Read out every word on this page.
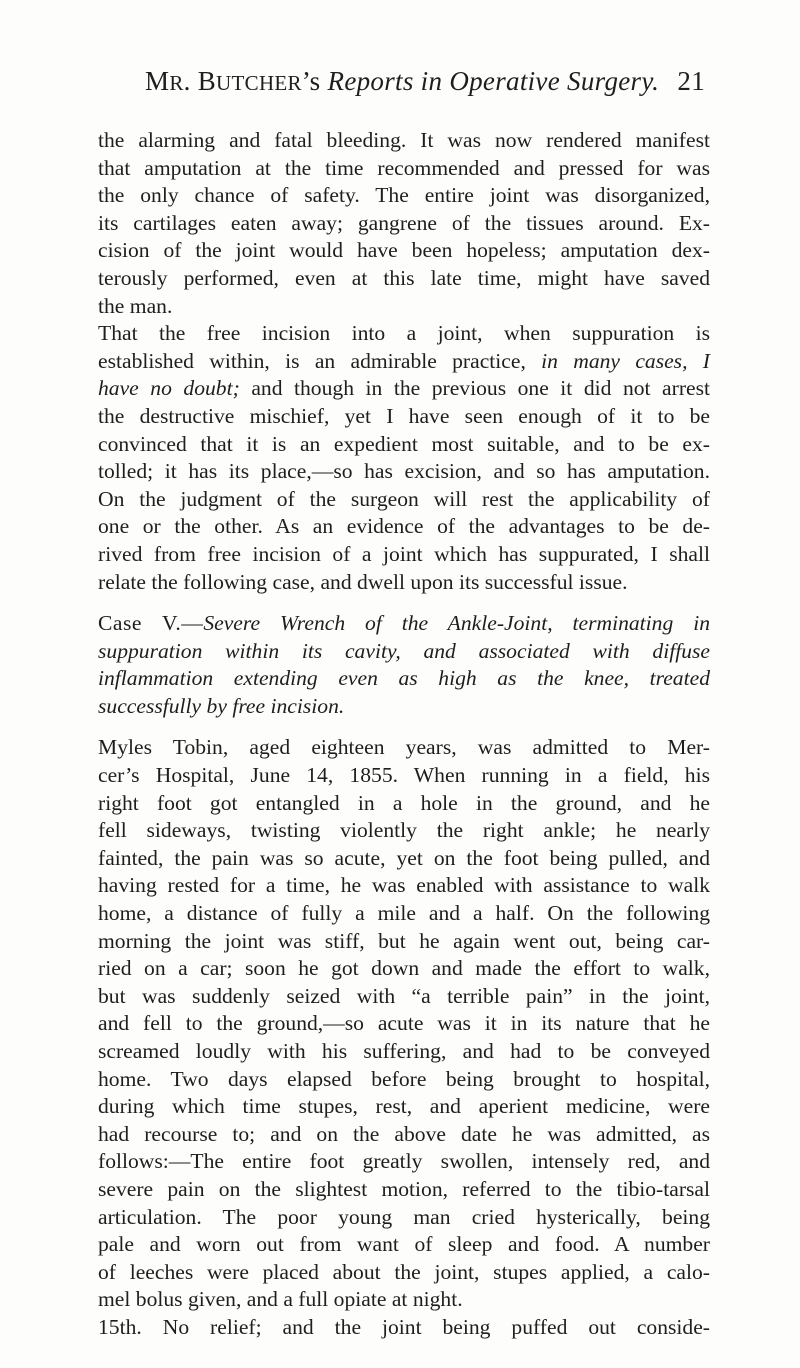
MR. BUTCHER’s Reports in Operative Surgery. 21

the alarming and fatal bleeding. It was now rendered manifest
that amputation at the time recommended and pressed for was
the only chance of safety. The entire joint was disorganized,
its cartilages eaten away; gangrene of the tissues around. Ex-
cision of the joint would have been hopeless; amputation dex-
terously performed, even at this late time, might have saved
the man.

That the free incision into a joint, when suppuration is
established within, is an admirable practice, in many cases, I
have no doubt; and though in the previous one it did not arrest
the destructive mischief, yet I have seen enough of it to be
convinced that it is an expedient most suitable, and to be ex-
tolled; it has its place,—so has excision, and so has amputation.
On the judgment of the surgeon will rest the applicability of
one or the other. As an evidence of the advantages to be de-
rived from free incision of a joint which has suppurated, I shall
relate the following case, and dwell upon its successful issue.

Case V.—Severe Wrench of the Ankle-Joint, terminating in
suppuration within its cavity, and associated with diffuse
inflammation extending even as high as the knee, treated
successfully by free incision.

Myles Tobin, aged eighteen years, was admitted to Mer-
cer’s Hospital, June 14, 1855. When running in a field, his
right foot got entangled in a hole in the ground, and he
fell sideways, twisting violently the right ankle; he nearly
fainted, the pain was so acute, yet on the foot being pulled, and
having rested for a time, he was enabled with assistance to walk
home, a distance of fully a mile and a half. On the following
morning the joint was stiff, but he again went out, being car-
ried on a car; soon he got down and made the effort to walk,
but was suddenly seized with “a terrible pain” in the joint,
and fell to the ground,—so acute was it in its nature that he
screamed loudly with his suffering, and had to be conveyed
home. Two days elapsed before being brought to hospital,
during which time stupes, rest, and aperient medicine, were
had recourse to; and on the above date he was admitted, as
follows:—The entire foot greatly swollen, intensely red, and
severe pain on the slightest motion, referred to the tibio-tarsal
articulation. The poor young man cried hysterically, being
pale and worn out from want of sleep and food. A number
of leeches were placed about the joint, stupes applied, a calo-
mel bolus given, and a full opiate at night.

15th. No relief; and the joint being puffed out conside-
